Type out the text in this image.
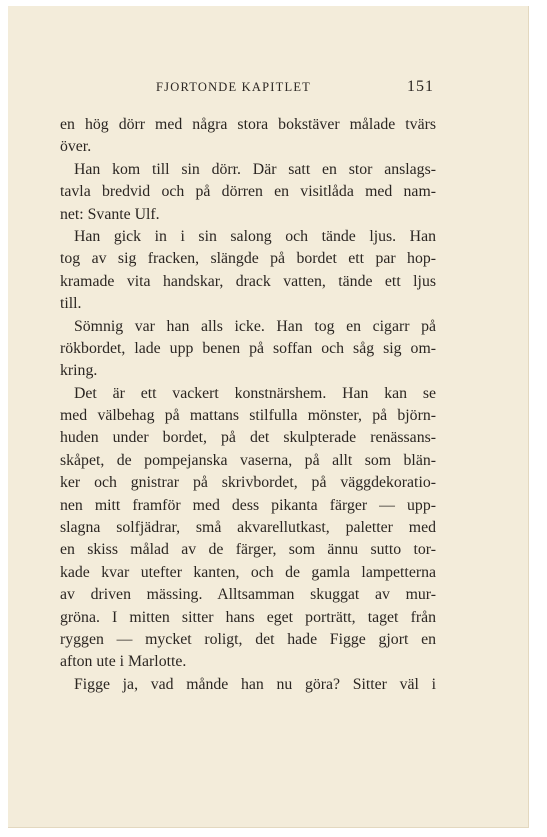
FJORTONDE KAPITLET	151
en hög dörr med några stora bokstäver målade tvärs
över.
Han kom till sin dörr. Där satt en stor anslags-
tavla bredvid och på dörren en visitlåda med nam-
net: Svante Ulf.
Han gick in i sin salong och tände ljus. Han
tog av sig fracken, slängde på bordet ett par hop-
kramade vita handskar, drack vatten, tände ett ljus
till.
Sömnig var han alls icke. Han tog en cigarr på
rökbordet, lade upp benen på soffan och såg sig om-
kring.
Det är ett vackert konstnärshem. Han kan se
med välbehag på mattans stilfulla mönster, på björn-
huden under bordet, på det skulpterade renässans-
skåpet, de pompejanska vaserna, på allt som blän-
ker och gnistrar på skrivbordet, på väggdekoratio-
nen mitt framför med dess pikanta färger — upp-
slagna solfjädrar, små akvarellutkast, paletter med
en skiss målad av de färger, som ännu sutto tor-
kade kvar utefter kanten, och de gamla lampetterna
av driven mässing. Alltsamman skuggat av mur-
gröna. I mitten sitter hans eget porträtt, taget från
ryggen — mycket roligt, det hade Figge gjort en
afton ute i Marlotte.
Figge ja, vad månde han nu göra? Sitter väl i
